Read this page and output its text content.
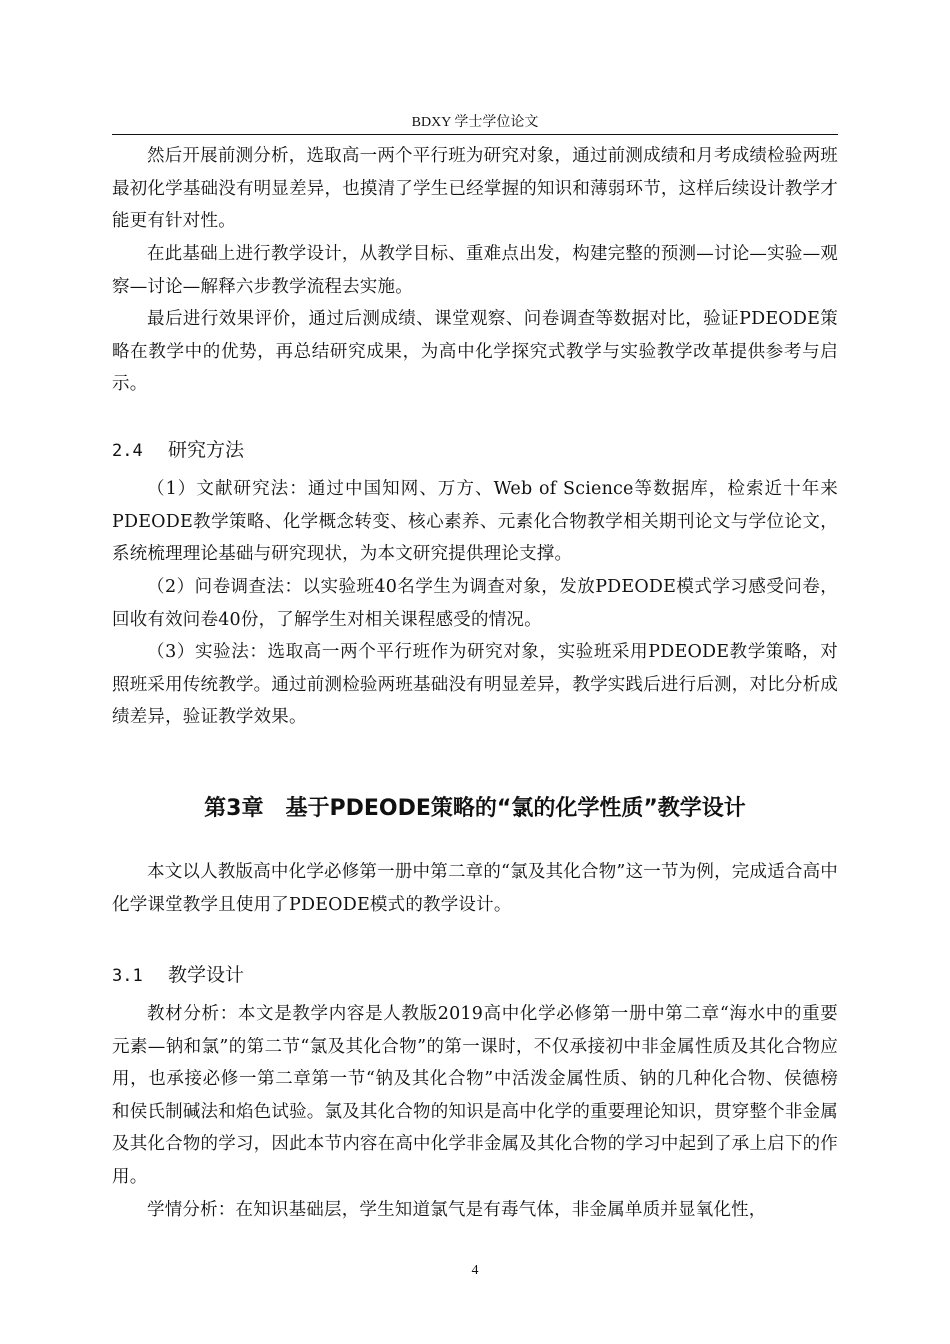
BDXY 学士学位论文

然后开展前测分析，选取高一两个平行班为研究对象，通过前测成绩和月考成绩检验两班最初化学基础没有明显差异，也摸清了学生已经掌握的知识和薄弱环节，这样后续设计教学才能更有针对性。

在此基础上进行教学设计，从教学目标、重难点出发，构建完整的预测—讨论—实验—观察—讨论—解释六步教学流程去实施。

最后进行效果评价，通过后测成绩、课堂观察、问卷调查等数据对比，验证PDEODE策略在教学中的优势，再总结研究成果，为高中化学探究式教学与实验教学改革提供参考与启示。

2.4 研究方法

（1）文献研究法：通过中国知网、万方、Web of Science等数据库，检索近十年来PDEODE教学策略、化学概念转变、核心素养、元素化合物教学相关期刊论文与学位论文，系统梳理理论基础与研究现状，为本文研究提供理论支撑。

（2）问卷调查法：以实验班40名学生为调查对象，发放PDEODE模式学习感受问卷，回收有效问卷40份，了解学生对相关课程感受的情况。

（3）实验法：选取高一两个平行班作为研究对象，实验班采用PDEODE教学策略，对照班采用传统教学。通过前测检验两班基础没有明显差异，教学实践后进行后测，对比分析成绩差异，验证教学效果。

第3章　基于PDEODE策略的“氯的化学性质”教学设计

本文以人教版高中化学必修第一册中第二章的“氯及其化合物”这一节为例，完成适合高中化学课堂教学且使用了PDEODE模式的教学设计。

3.1 教学设计

教材分析：本文是教学内容是人教版2019高中化学必修第一册中第二章“海水中的重要元素—钠和氯”的第二节“氯及其化合物”的第一课时，不仅承接初中非金属性质及其化合物应用，也承接必修一第二章第一节“钠及其化合物”中活泼金属性质、钠的几种化合物、侯德榜和侯氏制碱法和焰色试验。氯及其化合物的知识是高中化学的重要理论知识，贯穿整个非金属及其化合物的学习，因此本节内容在高中化学非金属及其化合物的学习中起到了承上启下的作用。

学情分析：在知识基础层，学生知道氯气是有毒气体，非金属单质并显氧化性，

4
